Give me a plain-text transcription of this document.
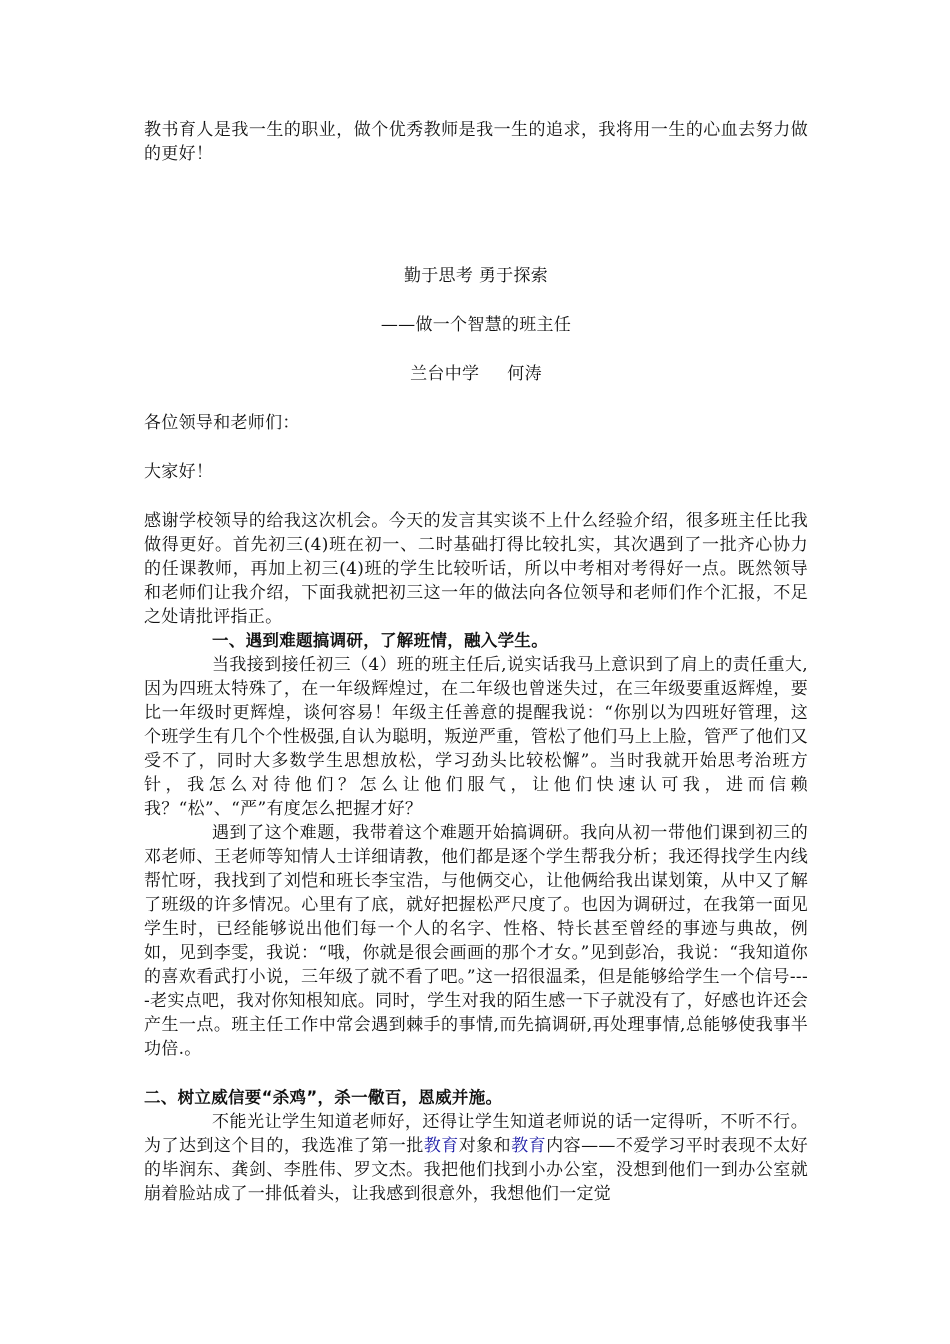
教书育人是我一生的职业，做个优秀教师是我一生的追求，我将用一生的心血去努力做的更好！

勤于思考 勇于探索

——做一个智慧的班主任

兰台中学 何涛

各位领导和老师们：

大家好！

感谢学校领导的给我这次机会。今天的发言其实谈不上什么经验介绍，很多班主任比我做得更好。首先初三(4)班在初一、二时基础打得比较扎实，其次遇到了一批齐心协力的任课教师，再加上初三(4)班的学生比较听话，所以中考相对考得好一点。既然领导和老师们让我介绍，下面我就把初三这一年的做法向各位领导和老师们作个汇报，不足之处请批评指正。

一、遇到难题搞调研，了解班情，融入学生。

当我接到接任初三（4）班的班主任后,说实话我马上意识到了肩上的责任重大,因为四班太特殊了，在一年级辉煌过，在二年级也曾迷失过，在三年级要重返辉煌，要比一年级时更辉煌，谈何容易！年级主任善意的提醒我说：“你别以为四班好管理，这个班学生有几个个性极强,自认为聪明，叛逆严重，管松了他们马上上脸，管严了他们又受不了，同时大多数学生思想放松，学习劲头比较松懈”。当时我就开始思考治班方针，我怎么对待他们？怎么让他们服气，让他们快速认可我，进而信赖我？“松”、“严”有度怎么把握才好？

遇到了这个难题，我带着这个难题开始搞调研。我向从初一带他们课到初三的邓老师、王老师等知情人士详细请教，他们都是逐个学生帮我分析；我还得找学生内线帮忙呀，我找到了刘恺和班长李宝浩，与他俩交心，让他俩给我出谋划策，从中又了解了班级的许多情况。心里有了底，就好把握松严尺度了。也因为调研过，在我第一面见学生时，已经能够说出他们每一个人的名字、性格、特长甚至曾经的事迹与典故，例如，见到李雯，我说：“哦，你就是很会画画的那个才女。”见到彭冶，我说：“我知道你的喜欢看武打小说，三年级了就不看了吧。”这一招很温柔，但是能够给学生一个信号----老实点吧，我对你知根知底。同时，学生对我的陌生感一下子就没有了，好感也许还会产生一点。班主任工作中常会遇到棘手的事情,而先搞调研,再处理事情,总能够使我事半功倍.。

二、树立威信要“杀鸡”，杀一儆百，恩威并施。

不能光让学生知道老师好，还得让学生知道老师说的话一定得听，不听不行。为了达到这个目的，我选准了第一批教育对象和教育内容——不爱学习平时表现不太好的毕润东、龚剑、李胜伟、罗文杰。我把他们找到小办公室，没想到他们一到办公室就崩着脸站成了一排低着头，让我感到很意外，我想他们一定觉
